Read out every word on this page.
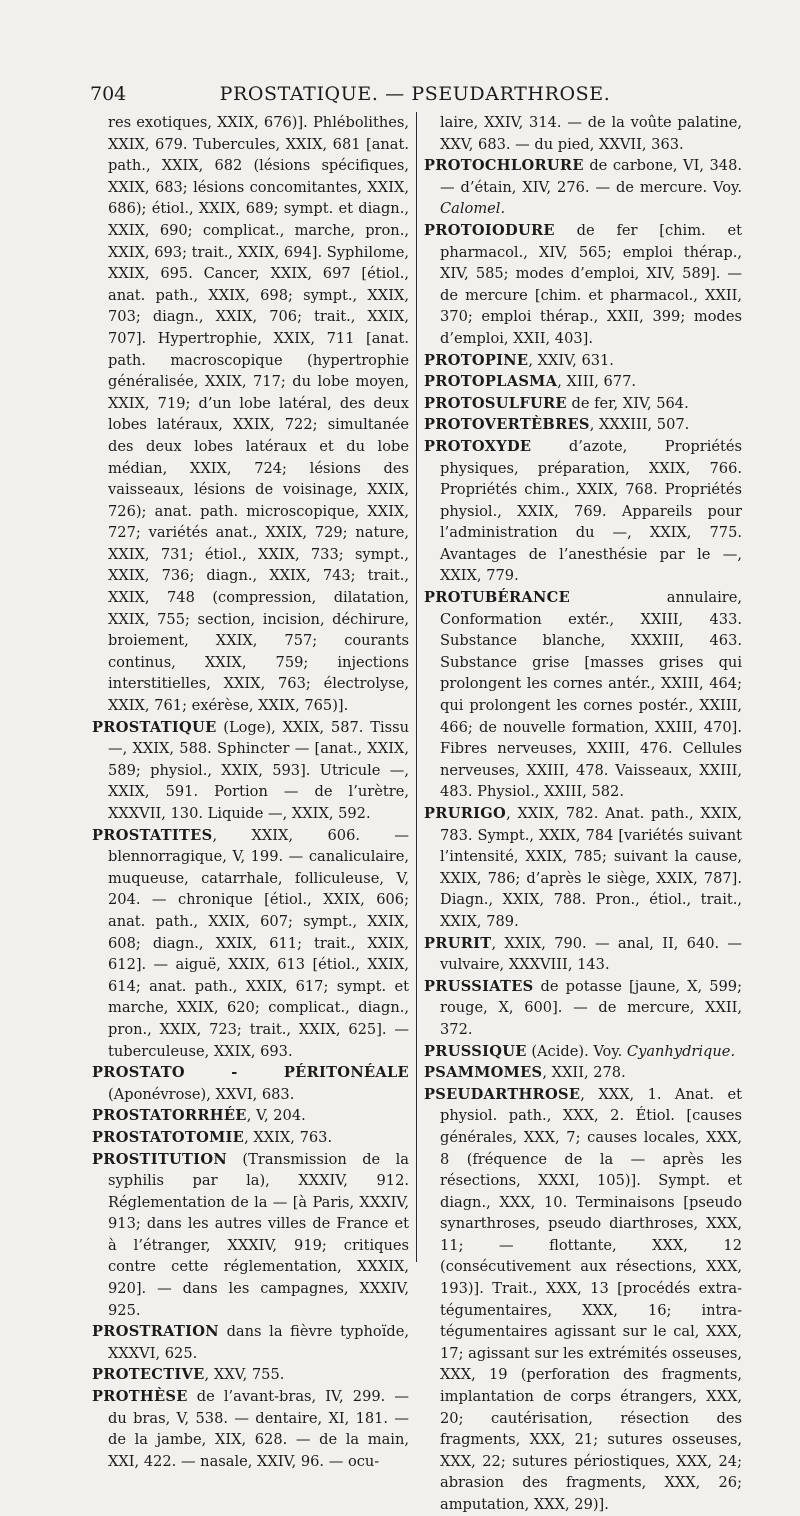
704	PROSTATIQUE. — PSEUDARTHROSE.

res exotiques, XXIX, 676)]. Phlébolithes, XXIX, 679. Tubercules, XXIX, 681 [anat. path., XXIX, 682 (lésions spécifiques, XXIX, 683; lésions concomitantes, XXIX, 686); étiol., XXIX, 689; sympt. et diagn., XXIX, 690; complicat., marche, pron., XXIX, 693; trait., XXIX, 694]. Syphilome, XXIX, 695. Cancer, XXIX, 697 [étiol., anat. path., XXIX, 698; sympt., XXIX, 703; diagn., XXIX, 706; trait., XXIX, 707]. Hypertrophie, XXIX, 711 [anat. path. macroscopique (hypertrophie généralisée, XXIX, 717; du lobe moyen, XXIX, 719; d’un lobe latéral, des deux lobes latéraux, XXIX, 722; simultanée des deux lobes latéraux et du lobe médian, XXIX, 724; lésions des vaisseaux, lésions de voisinage, XXIX, 726); anat. path. microscopique, XXIX, 727; variétés anat., XXIX, 729; nature, XXIX, 731; étiol., XXIX, 733; sympt., XXIX, 736; diagn., XXIX, 743; trait., XXIX, 748 (compression, dilatation, XXIX, 755; section, incision, déchirure, broiement, XXIX, 757; courants continus, XXIX, 759; injections interstitielles, XXIX, 763; électrolyse, XXIX, 761; exérèse, XXIX, 765)].

PROSTATIQUE (Loge), XXIX, 587. Tissu —, XXIX, 588. Sphincter — [anat., XXIX, 589; physiol., XXIX, 593]. Utricule —, XXIX, 591. Portion — de l’urètre, XXXVII, 130. Liquide —, XXIX, 592.

PROSTATITES, XXIX, 606. — blennorragique, V, 199. — canaliculaire, muqueuse, catarrhale, folliculeuse, V, 204. — chronique [étiol., XXIX, 606; anat. path., XXIX, 607; sympt., XXIX, 608; diagn., XXIX, 611; trait., XXIX, 612]. — aiguë, XXIX, 613 [étiol., XXIX, 614; anat. path., XXIX, 617; sympt. et marche, XXIX, 620; complicat., diagn., pron., XXIX, 723; trait., XXIX, 625]. — tuberculeuse, XXIX, 693.

PROSTATO - PÉRITONÉALE (Aponévrose), XXVI, 683.

PROSTATORRHÉE, V, 204.

PROSTATOTOMIE, XXIX, 763.

PROSTITUTION (Transmission de la syphilis par la), XXXIV, 912. Réglementation de la — [à Paris, XXXIV, 913; dans les autres villes de France et à l’étranger, XXXIV, 919; critiques contre cette réglementation, XXXIX, 920]. — dans les campagnes, XXXIV, 925.

PROSTRATION dans la fièvre typhoïde, XXXVI, 625.

PROTECTIVE, XXV, 755.

PROTHÈSE de l’avant-bras, IV, 299. — du bras, V, 538. — dentaire, XI, 181. — de la jambe, XIX, 628. — de la main, XXI, 422. — nasale, XXIV, 96. — ocu-

laire, XXIV, 314. — de la voûte palatine, XXV, 683. — du pied, XXVII, 363.

PROTOCHLORURE de carbone, VI, 348. — d’étain, XIV, 276. — de mercure. Voy. Calomel.

PROTOIODURE de fer [chim. et pharmacol., XIV, 565; emploi thérap., XIV, 585; modes d’emploi, XIV, 589]. — de mercure [chim. et pharmacol., XXII, 370; emploi thérap., XXII, 399; modes d’emploi, XXII, 403].

PROTOPINE, XXIV, 631.

PROTOPLASMA, XIII, 677.

PROTOSULFURE de fer, XIV, 564.

PROTOVERTÈBRES, XXXIII, 507.

PROTOXYDE d’azote, Propriétés physiques, préparation, XXIX, 766. Propriétés chim., XXIX, 768. Propriétés physiol., XXIX, 769. Appareils pour l’administration du —, XXIX, 775. Avantages de l’anesthésie par le —, XXIX, 779.

PROTUBÉRANCE annulaire, Conformation extér., XXIII, 433. Substance blanche, XXXIII, 463. Substance grise [masses grises qui prolongent les cornes antér., XXIII, 464; qui prolongent les cornes postér., XXIII, 466; de nouvelle formation, XXIII, 470]. Fibres nerveuses, XXIII, 476. Cellules nerveuses, XXIII, 478. Vaisseaux, XXIII, 483. Physiol., XXIII, 582.

PRURIGO, XXIX, 782. Anat. path., XXIX, 783. Sympt., XXIX, 784 [variétés suivant l’intensité, XXIX, 785; suivant la cause, XXIX, 786; d’après le siège, XXIX, 787]. Diagn., XXIX, 788. Pron., étiol., trait., XXIX, 789.

PRURIT, XXIX, 790. — anal, II, 640. — vulvaire, XXXVIII, 143.

PRUSSIATES de potasse [jaune, X, 599; rouge, X, 600]. — de mercure, XXII, 372.

PRUSSIQUE (Acide). Voy. Cyanhydrique.

PSAMMOMES, XXII, 278.

PSEUDARTHROSE, XXX, 1. Anat. et physiol. path., XXX, 2. Étiol. [causes générales, XXX, 7; causes locales, XXX, 8 (fréquence de la — après les résections, XXXI, 105)]. Sympt. et diagn., XXX, 10. Terminaisons [pseudo synarthroses, pseudo diarthroses, XXX, 11; — flottante, XXX, 12 (consécutivement aux résections, XXX, 193)]. Trait., XXX, 13 [procédés extra-tégumentaires, XXX, 16; intra-tégumentaires agissant sur le cal, XXX, 17; agissant sur les extrémités osseuses, XXX, 19 (perforation des fragments, implantation de corps étrangers, XXX, 20; cautérisation, résection des fragments, XXX, 21; sutures osseuses, XXX, 22; sutures périostiques, XXX, 24; abrasion des fragments, XXX, 26; amputation, XXX, 29)].
